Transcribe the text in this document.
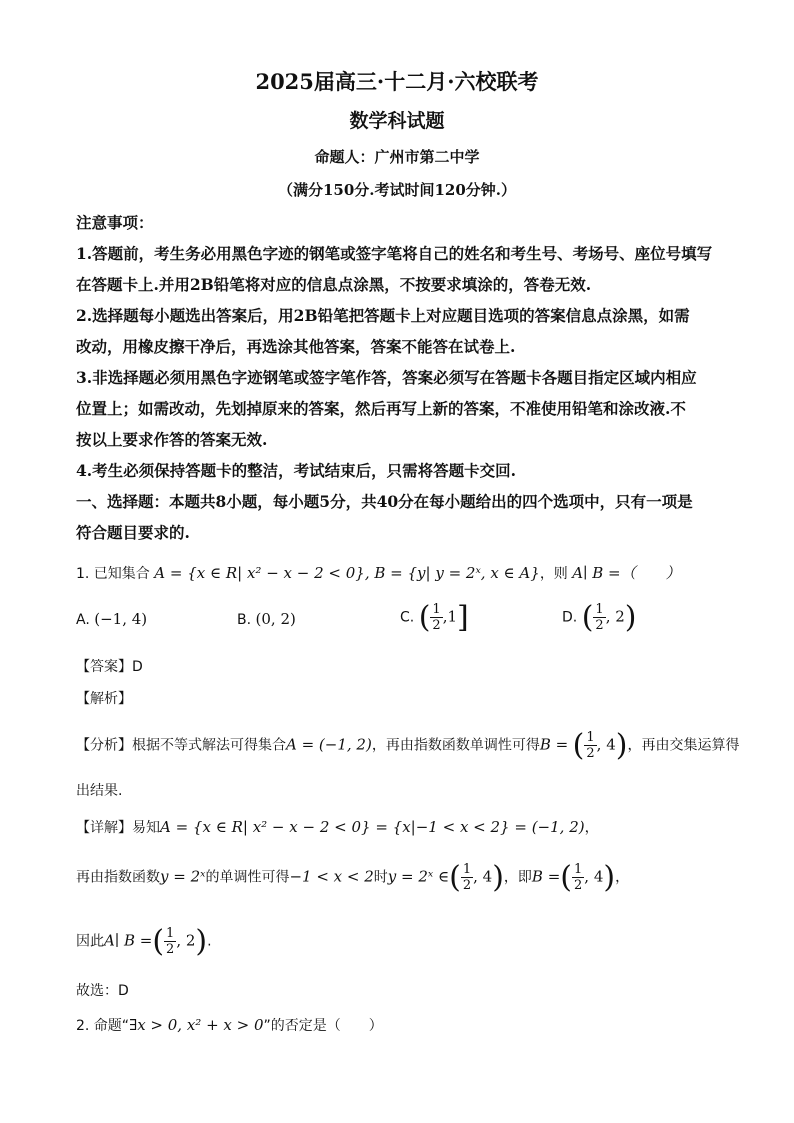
2025届高三·十二月·六校联考
数学科试题
命题人：广州市第二中学
（满分150分.考试时间120分钟.）
注意事项：
1.答题前，考生务必用黑色字迹的钢笔或签字笔将自己的姓名和考生号、考场号、座位号填写
在答题卡上.并用2B铅笔将对应的信息点涂黑，不按要求填涂的，答卷无效.
2.选择题每小题选出答案后，用2B铅笔把答题卡上对应题目选项的答案信息点涂黑，如需
改动，用橡皮擦干净后，再选涂其他答案，答案不能答在试卷上.
3.非选择题必须用黑色字迹钢笔或签字笔作答，答案必须写在答题卡各题目指定区域内相应
位置上；如需改动，先划掉原来的答案，然后再写上新的答案，不准使用铅笔和涂改液.不
按以上要求作答的答案无效.
4.考生必须保持答题卡的整洁，考试结束后，只需将答题卡交回.
一、选择题：本题共8小题，每小题5分，共40分在每小题给出的四个选项中，只有一项是
符合题目要求的.
1. 已知集合 A = {x ∈ R| x² − x − 2 < 0}, B = {y| y = 2ˣ, x ∈ A}，则 A∣ B =（　　）
A. (−1, 4)	B. (0, 2)	C. ( $\frac{1}{2} ,1$]	D. ( $\frac{1}{2}$ , 2)
【答案】D
【解析】
【分析】根据不等式解法可得集合A = (−1, 2)，再由指数函数单调性可得B = ( $\frac{1}{2}$ , 4)，再由交集运算得
出结果.
【详解】易知A = {x ∈ R| x² − x − 2 < 0} = {x|−1 < x < 2} = (−1, 2)，
再由指数函数y = 2ˣ的单调性可得−1 < x < 2时y = 2ˣ ∈( $\frac{1}{2}$ , 4)，即B =( $\frac{1}{2}$ , 4)，
因此A∣ B =( $\frac{1}{2}$ , 2).
故选：D
2. 命题“∃x > 0, x² + x > 0”的否定是（　　）
